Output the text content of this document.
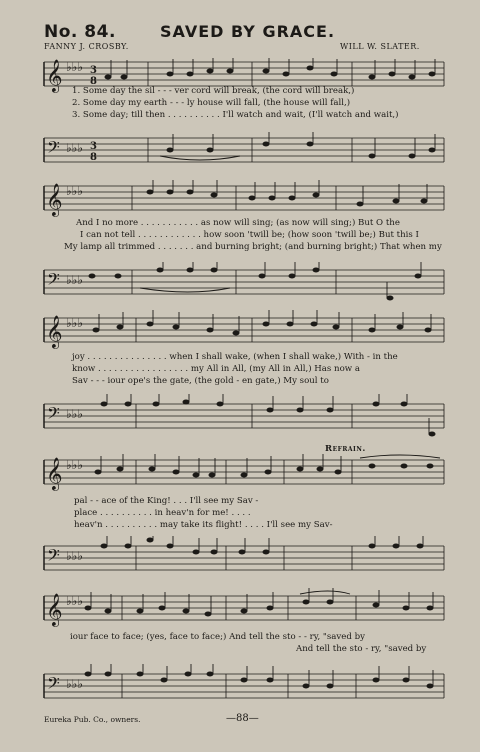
No. 84.	SAVED BY GRACE.
FANNY J. CROSBY.	WILL W. SLATER.
𝄞 ♭♭♭ 3
8
1. Some day the sil - - - ver cord will break, (the cord will break,)
2. Some day my earth - - - ly house will fall, (the house will fall,)
3. Some day; till then . . . . . . . . . . I'll watch and wait, (I'll watch and wait,)
𝄢 ♭♭♭ 3
8
𝄞 ♭♭♭
And I no more . . . . . . . . . . . as now will sing; (as now will sing;) But O the
I can not tell . . . . . . . . . . . . how soon 'twill be; (how soon 'twill be;) But this I
My lamp all trimmed . . . . . . . and burning bright; (and burning bright;) That when my
𝄢 ♭♭♭
𝄞 ♭♭♭
joy . . . . . . . . . . . . . . . when I shall wake, (when I shall wake,) With - in the
know . . . . . . . . . . . . . . . . . my All in All, (my All in All,) Has now a
Sav - - - iour ope's the gate, (the gold - en gate,) My soul to
𝄢 ♭♭♭
Refrain.
𝄞 ♭♭♭
pal - - ace of the King! . . . I'll see my Sav -
place . . . . . . . . . . in heav'n for me! . . . .
heav'n . . . . . . . . . . may take its flight! . . . . I'll see my Sav-
𝄢 ♭♭♭
𝄞 ♭♭♭
iour face to face; (yes, face to face;) And tell the sto - - ry, "saved by
And tell the sto - ry, "saved by
𝄢 ♭♭♭
Eureka Pub. Co., owners.	—88—
